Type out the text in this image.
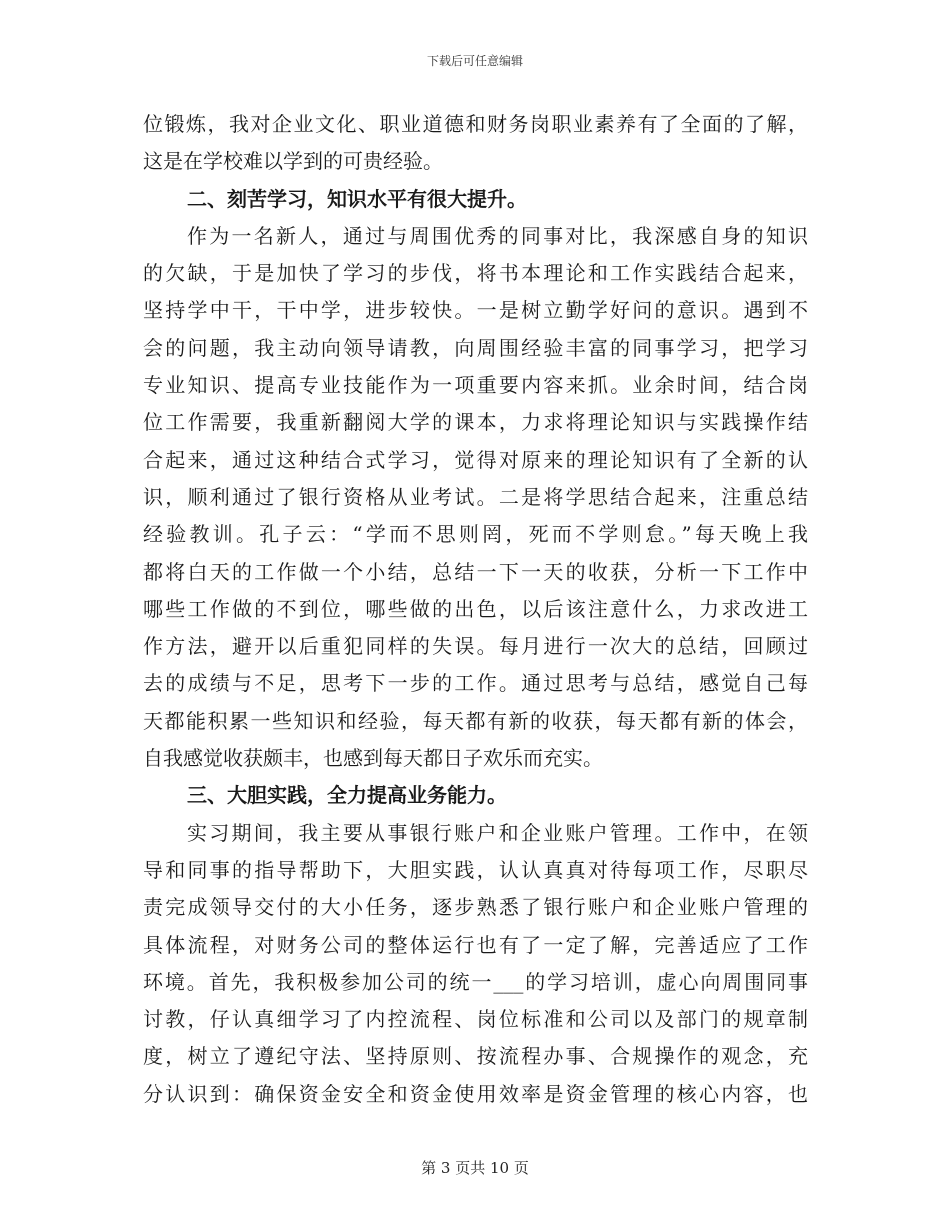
下载后可任意编辑
位锻炼，我对企业文化、职业道德和财务岗职业素养有了全面的了解，
这是在学校难以学到的可贵经验。
二、刻苦学习，知识水平有很大提升。
作为一名新人，通过与周围优秀的同事对比，我深感自身的知识
的欠缺，于是加快了学习的步伐，将书本理论和工作实践结合起来，
坚持学中干，干中学，进步较快。一是树立勤学好问的意识。遇到不
会的问题，我主动向领导请教，向周围经验丰富的同事学习，把学习
专业知识、提高专业技能作为一项重要内容来抓。业余时间，结合岗
位工作需要，我重新翻阅大学的课本，力求将理论知识与实践操作结
合起来，通过这种结合式学习，觉得对原来的理论知识有了全新的认
识，顺利通过了银行资格从业考试。二是将学思结合起来，注重总结
经验教训。孔子云：“学而不思则罔，死而不学则怠。”每天晚上我
都将白天的工作做一个小结，总结一下一天的收获，分析一下工作中
哪些工作做的不到位，哪些做的出色，以后该注意什么，力求改进工
作方法，避开以后重犯同样的失误。每月进行一次大的总结，回顾过
去的成绩与不足，思考下一步的工作。通过思考与总结，感觉自己每
天都能积累一些知识和经验，每天都有新的收获，每天都有新的体会，
自我感觉收获颇丰，也感到每天都日子欢乐而充实。
三、大胆实践，全力提高业务能力。
实习期间，我主要从事银行账户和企业账户管理。工作中，在领
导和同事的指导帮助下，大胆实践，认认真真对待每项工作，尽职尽
责完成领导交付的大小任务，逐步熟悉了银行账户和企业账户管理的
具体流程，对财务公司的整体运行也有了一定了解，完善适应了工作
环境。首先，我积极参加公司的统一___的学习培训，虚心向周围同事
讨教，仔认真细学习了内控流程、岗位标准和公司以及部门的规章制
度，树立了遵纪守法、坚持原则、按流程办事、合规操作的观念，充
分认识到：确保资金安全和资金使用效率是资金管理的核心内容，也
第 3 页共 10 页
